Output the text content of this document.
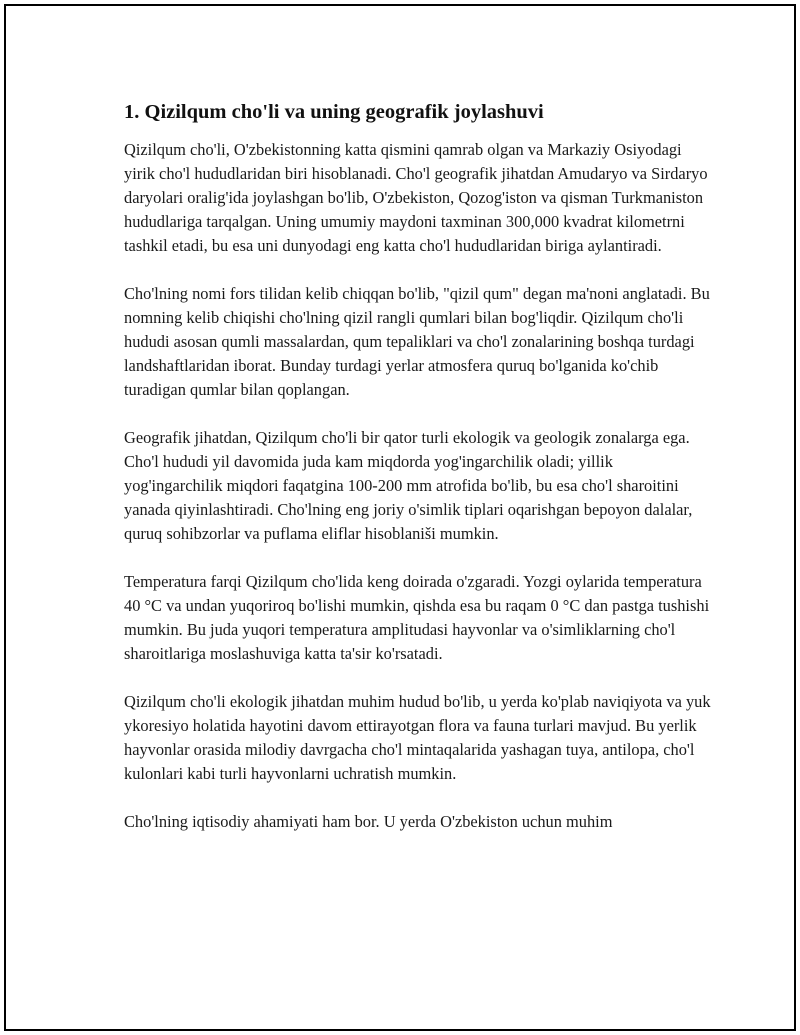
1. Qizilqum cho'li va uning geografik joylashuvi

Qizilqum cho'li, O'zbekistonning katta qismini qamrab olgan va Markaziy Osiyodagi yirik cho'l hududlaridan biri hisoblanadi. Cho'l geografik jihatdan Amudaryo va Sirdaryo daryolari oralig'ida joylashgan bo'lib, O'zbekiston, Qozog'iston va qisman Turkmaniston hududlariga tarqalgan. Uning umumiy maydoni taxminan 300,000 kvadrat kilometrni tashkil etadi, bu esa uni dunyodagi eng katta cho'l hududlaridan biriga aylantiradi.

Cho'lning nomi fors tilidan kelib chiqqan bo'lib, "qizil qum" degan ma'noni anglatadi. Bu nomning kelib chiqishi cho'lning qizil rangli qumlari bilan bog'liqdir. Qizilqum cho'li hududi asosan qumli massalardan, qum tepaliklari va cho'l zonalarining boshqa turdagi landshaftlaridan iborat. Bunday turdagi yerlar atmosfera quruq bo'lganida ko'chib turadigan qumlar bilan qoplangan.

Geografik jihatdan, Qizilqum cho'li bir qator turli ekologik va geologik zonalarga ega. Cho'l hududi yil davomida juda kam miqdorda yog'ingarchilik oladi; yillik yog'ingarchilik miqdori faqatgina 100-200 mm atrofida bo'lib, bu esa cho'l sharoitini yanada qiyinlashtiradi. Cho'lning eng joriy o'simlik tiplari oqarishgan bepoyon dalalar, quruq sohibzorlar va puflama eliflar hisoblaniši mumkin.

Temperatura farqi Qizilqum cho'lida keng doirada o'zgaradi. Yozgi oylarida temperatura 40 °C va undan yuqoriroq bo'lishi mumkin, qishda esa bu raqam 0 °C dan pastga tushishi mumkin. Bu juda yuqori temperatura amplitudasi hayvonlar va o'simliklarning cho'l sharoitlariga moslashuviga katta ta'sir ko'rsatadi.

Qizilqum cho'li ekologik jihatdan muhim hudud bo'lib, u yerda ko'plab naviqiyota va yuk ykoresiyo holatida hayotini davom ettirayotgan flora va fauna turlari mavjud. Bu yerlik hayvonlar orasida milodiy davrgacha cho'l mintaqalarida yashagan tuya, antilopa, cho'l kulonlari kabi turli hayvonlarni uchratish mumkin.

Cho'lning iqtisodiy ahamiyati ham bor. U yerda O'zbekiston uchun muhim
